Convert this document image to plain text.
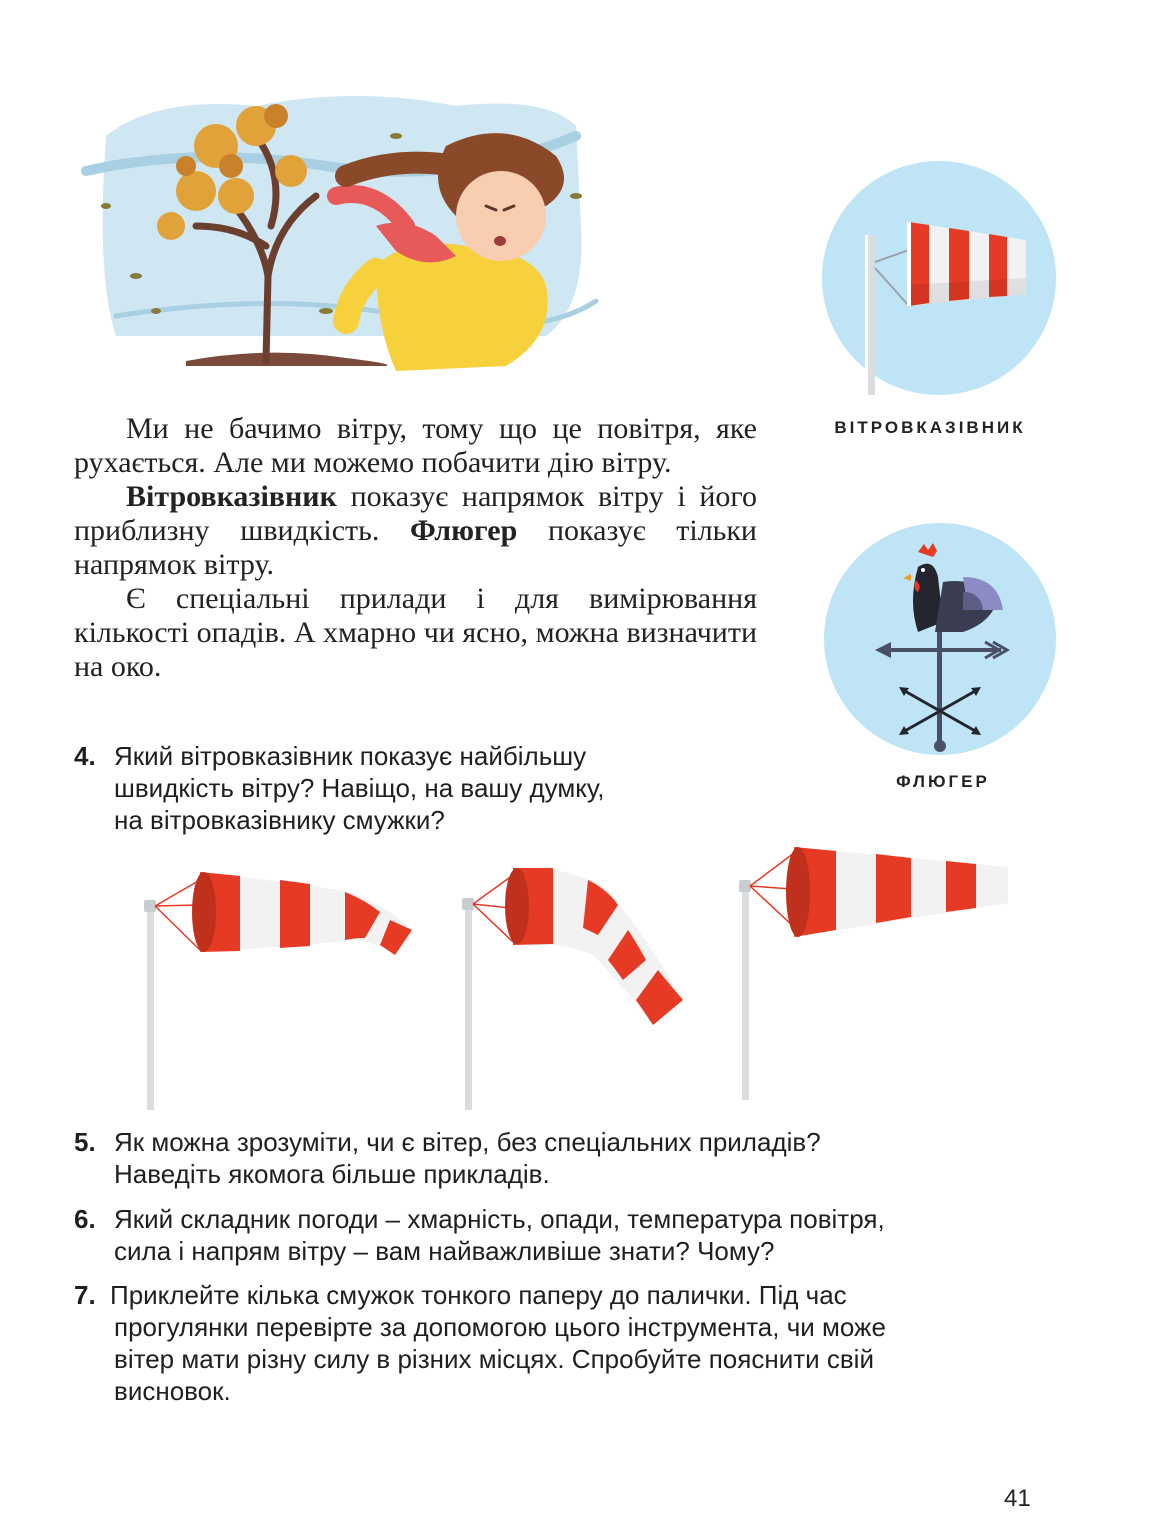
ВІТРОВКАЗІВНИК
ФЛЮГЕР

Ми не бачимо вітру, тому що це повітря, яке рухається. Але ми можемо побачити дію вітру.

Вітровказівник показує напрямок вітру і його приблизну швидкість. Флюгер показує тільки напрямок вітру.

Є спеціальні прилади і для вимірювання кількості опадів. А хмарно чи ясно, можна визначити на око.

4. Який вітровказівник показує найбільшу
швидкість вітру? Навіщо, на вашу думку,
на вітровказівнику смужки?
5. Як можна зрозуміти, чи є вітер, без спеціальних приладів?
Наведіть якомога більше прикладів.
6. Який складник погоди – хмарність, опади, температура повітря,
сила і напрям вітру – вам найважливіше знати? Чому?
7. Приклейте кілька смужок тонкого паперу до палички. Під час
прогулянки перевірте за допомогою цього інструмента, чи може
вітер мати різну силу в різних місцях. Спробуйте пояснити свій
висновок.
41
